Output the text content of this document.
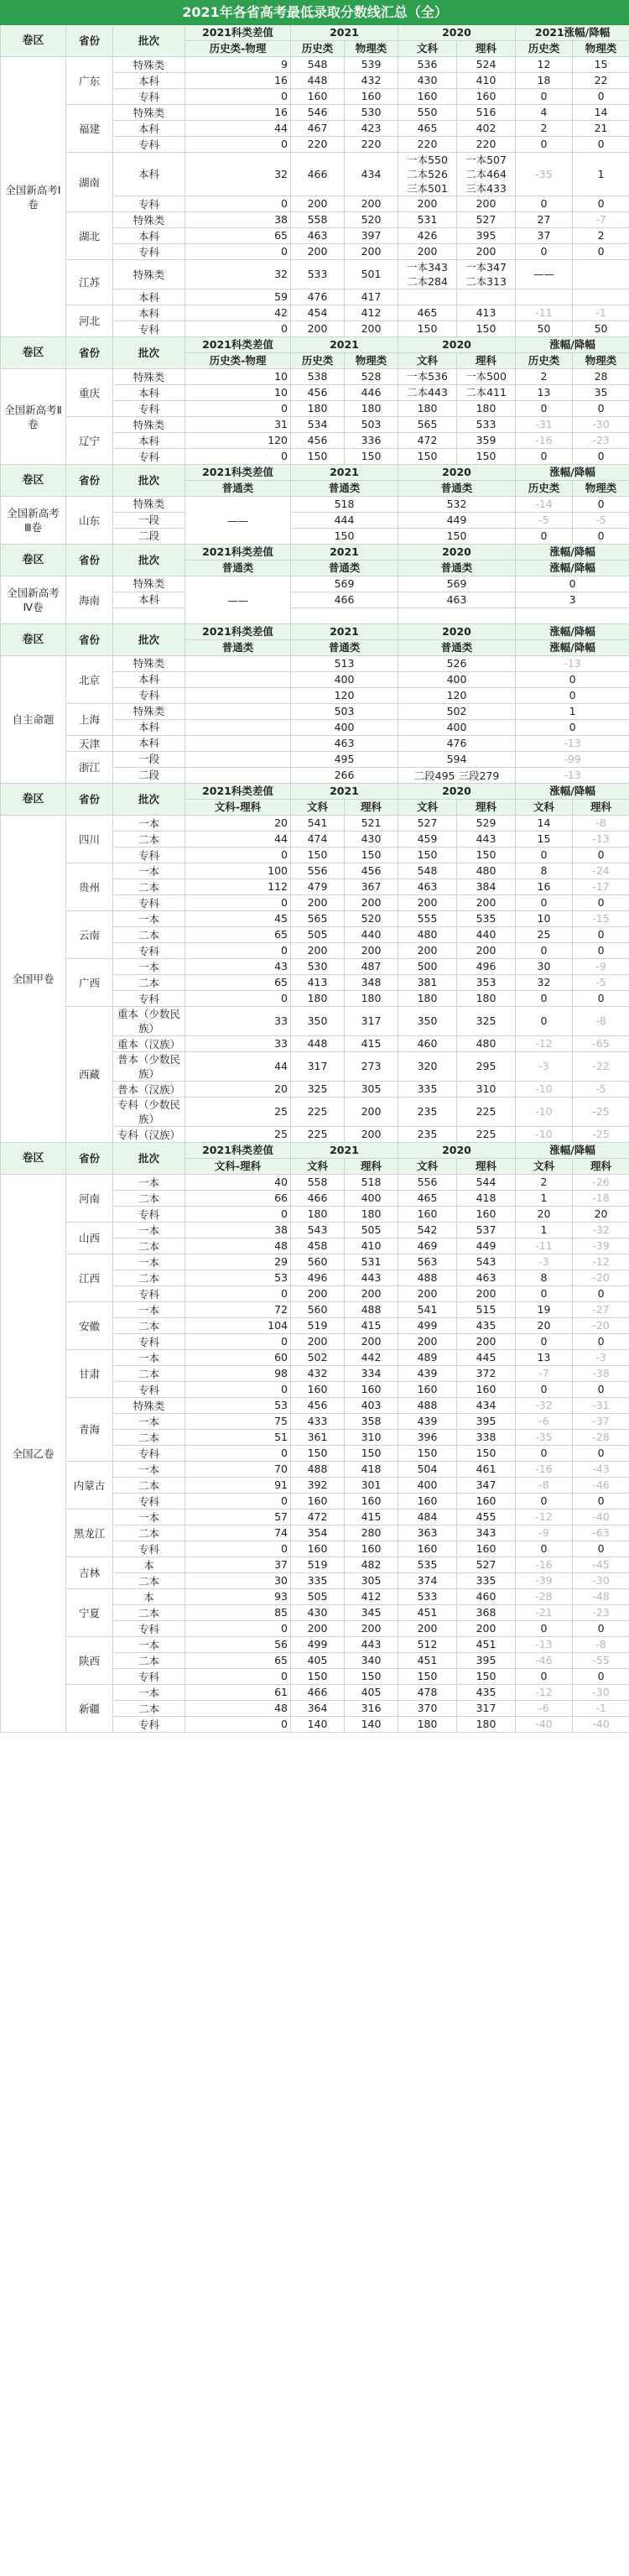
2021年各省高考最低录取分数线汇总（全）									
卷区	省份	批次	2021科类差值	2021		2020		2021涨幅/降幅	
			历史类-物理	历史类	物理类	文科	理科	历史类	物理类
全国新高考Ⅰ卷	广东	特殊类	9	548	539	536	524	12	15
		本科	16	448	432	430	410	18	22
		专科	0	160	160	160	160	0	0
	福建	特殊类	16	546	530	550	516	4	14
		本科	44	467	423	465	402	2	21
		专科	0	220	220	220	220	0	0
	湖南	本科	32	466	434	一本550 二本526 三本501	一本507 二本464 三本433	-35	1
		专科	0	200	200	200	200	0	0
	湖北	特殊类	38	558	520	531	527	27	-7
		本科	65	463	397	426	395	37	2
		专科	0	200	200	200	200	0	0
	江苏	特殊类	32	533	501	一本343 二本284	一本347 二本313	——	
		本科	59	476	417				
	河北	本科	42	454	412	465	413	-11	-1
		专科	0	200	200	150	150	50	50
卷区	省份	批次	2021科类差值	2021		2020		涨幅/降幅	
			历史类-物理	历史类	物理类	文科	理科	历史类	物理类
全国新高考Ⅱ卷	重庆	特殊类	10	538	528	一本536	一本500	2	28
		本科	10	456	446	二本443	二本411	13	35
		专科	0	180	180	180	180	0	0
	辽宁	特殊类	31	534	503	565	533	-31	-30
		本科	120	456	336	472	359	-16	-23
		专科	0	150	150	150	150	0	0
卷区	省份	批次	2021科类差值	2021		2020		涨幅/降幅	
			普通类	普通类		普通类		历史类	物理类
全国新高考Ⅲ卷	山东	特殊类	——	518		532		-14	0
		一段		444		449		-5	-5
		二段		150		150		0	0
卷区	省份	批次	2021科类差值	2021		2020		涨幅/降幅	
			普通类	普通类		普通类		涨幅/降幅	
全国新高考Ⅳ卷	海南	特殊类	——	569		569		0	
		本科		466		463		3	

卷区	省份	批次	2021科类差值	2021		2020		涨幅/降幅	
			普通类	普通类		普通类		涨幅/降幅	
自主命题	北京	特殊类		513		526		-13	
		本科		400		400		0	
		专科		120		120		0	
	上海	特殊类		503		502		1	
		本科		400		400		0	
	天津	本科		463		476		-13	
	浙江	一段		495		594		-99	
		二段		266		二段495 三段279		-13	
卷区	省份	批次	2021科类差值	2021		2020		涨幅/降幅	
			文科-理科	文科	理科	文科	理科	文科	理科
全国甲卷	四川	一本	20	541	521	527	529	14	-8
		二本	44	474	430	459	443	15	-13
		专科	0	150	150	150	150	0	0
	贵州	一本	100	556	456	548	480	8	-24
		二本	112	479	367	463	384	16	-17
		专科	0	200	200	200	200	0	0
	云南	一本	45	565	520	555	535	10	-15
		二本	65	505	440	480	440	25	0
		专科	0	200	200	200	200	0	0
	广西	一本	43	530	487	500	496	30	-9
		二本	65	413	348	381	353	32	-5
		专科	0	180	180	180	180	0	0
	西藏	重本（少数民族）	33	350	317	350	325	0	-8
		重本（汉族）	33	448	415	460	480	-12	-65
		普本（少数民族）	44	317	273	320	295	-3	-22
		普本（汉族）	20	325	305	335	310	-10	-5
		专科（少数民族）	25	225	200	235	225	-10	-25
		专科（汉族）	25	225	200	235	225	-10	-25
卷区	省份	批次	2021科类差值	2021		2020		涨幅/降幅	
			文科-理科	文科	理科	文科	理科	文科	理科
全国乙卷	河南	一本	40	558	518	556	544	2	-26
		二本	66	466	400	465	418	1	-18
		专科	0	180	180	160	160	20	20
	山西	一本	38	543	505	542	537	1	-32
		二本	48	458	410	469	449	-11	-39
	江西	一本	29	560	531	563	543	-3	-12
		二本	53	496	443	488	463	8	-20
		专科	0	200	200	200	200	0	0
	安徽	一本	72	560	488	541	515	19	-27
		二本	104	519	415	499	435	20	-20
		专科	0	200	200	200	200	0	0
	甘肃	一本	60	502	442	489	445	13	-3
		二本	98	432	334	439	372	-7	-38
		专科	0	160	160	160	160	0	0
	青海	特殊类	53	456	403	488	434	-32	-31
		一本	75	433	358	439	395	-6	-37
		二本	51	361	310	396	338	-35	-28
		专科	0	150	150	150	150	0	0
	内蒙古	一本	70	488	418	504	461	-16	-43
		二本	91	392	301	400	347	-8	-46
		专科	0	160	160	160	160	0	0
	黑龙江	一本	57	472	415	484	455	-12	-40
		二本	74	354	280	363	343	-9	-63
		专科	0	160	160	160	160	0	0
	吉林	本	37	519	482	535	527	-16	-45
		二本	30	335	305	374	335	-39	-30
	宁夏	本	93	505	412	533	460	-28	-48
		二本	85	430	345	451	368	-21	-23
		专科	0	200	200	200	200	0	0
	陕西	一本	56	499	443	512	451	-13	-8
		二本	65	405	340	451	395	-46	-55
		专科	0	150	150	150	150	0	0
	新疆	一本	61	466	405	478	435	-12	-30
		二本	48	364	316	370	317	-6	-1
		专科	0	140	140	180	180	-40	-40
